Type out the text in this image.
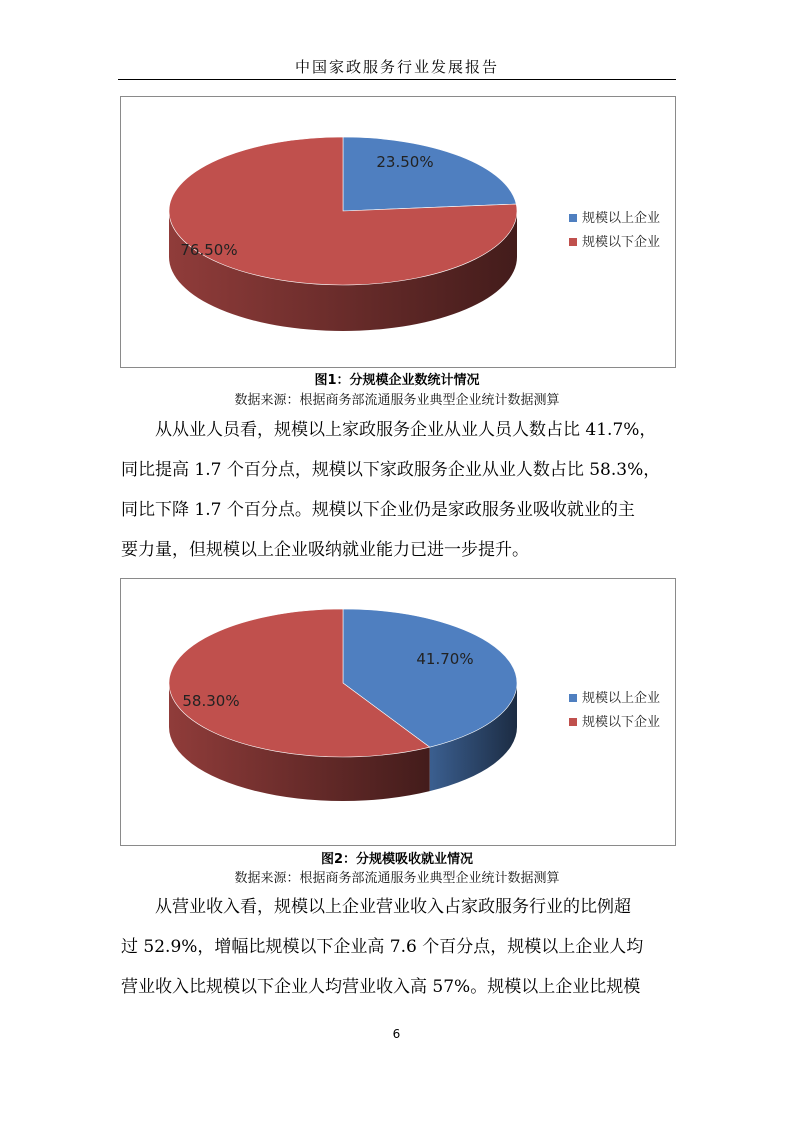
中国家政服务行业发展报告
23.50%
76.50%
规模以上企业
规模以下企业
图1：分规模企业数统计情况
数据来源：根据商务部流通服务业典型企业统计数据测算
从从业人员看，规模以上家政服务企业从业人员人数占比 41.7%，
同比提高 1.7 个百分点，规模以下家政服务企业从业人数占比 58.3%，
同比下降 1.7 个百分点。规模以下企业仍是家政服务业吸收就业的主
要力量，但规模以上企业吸纳就业能力已进一步提升。
41.70%
58.30%	规模以上企业
规模以下企业
图2：分规模吸收就业情况
数据来源：根据商务部流通服务业典型企业统计数据测算
从营业收入看，规模以上企业营业收入占家政服务行业的比例超
过 52.9%，增幅比规模以下企业高 7.6 个百分点，规模以上企业人均
营业收入比规模以下企业人均营业收入高 57%。规模以上企业比规模
6
